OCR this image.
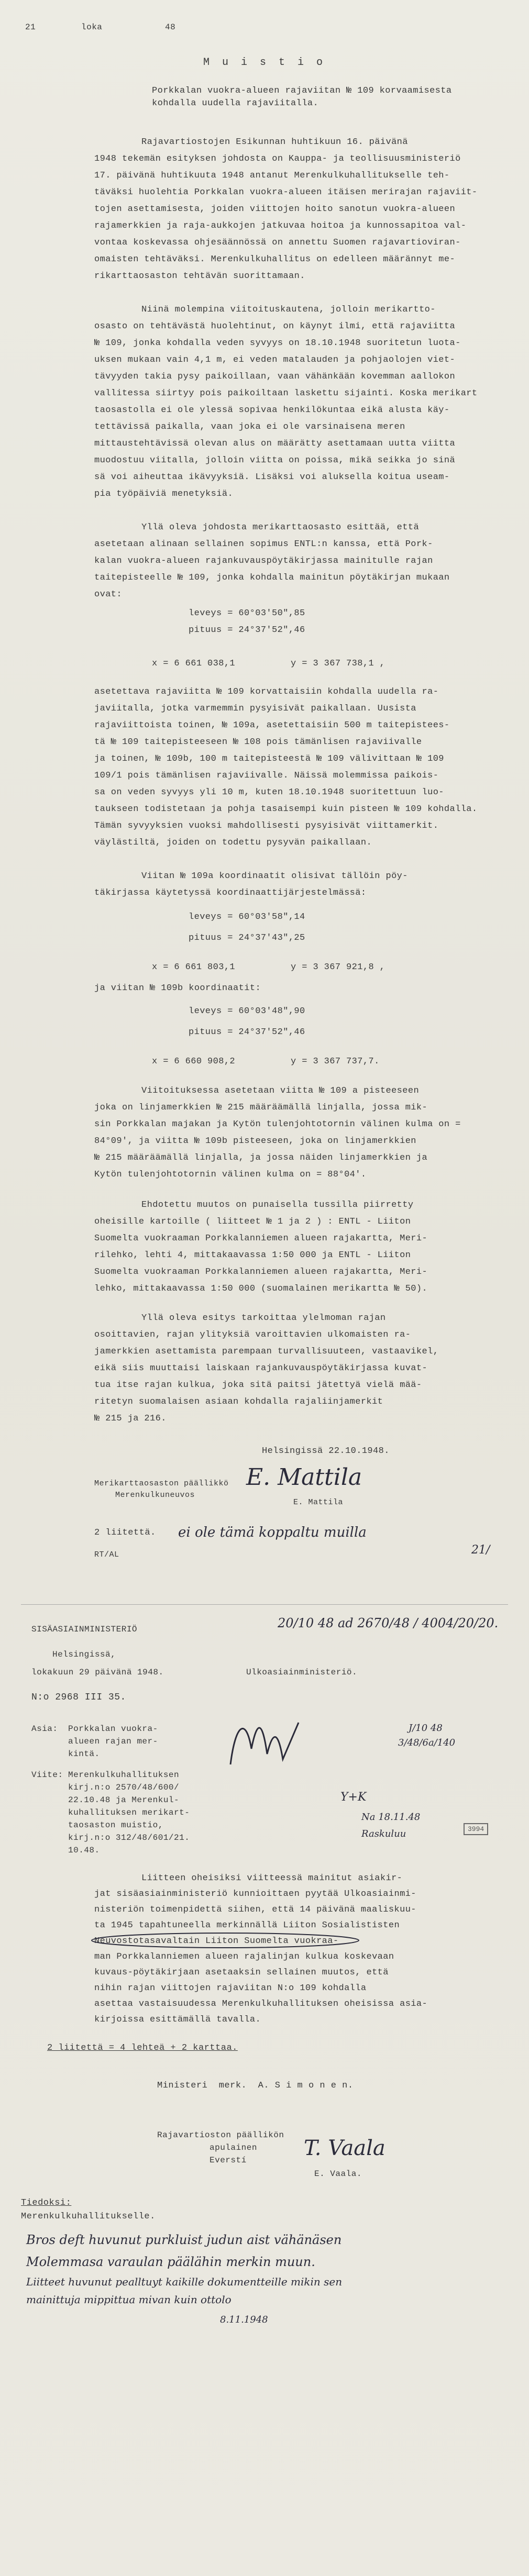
21	loka	48
M u i s t i o
Porkkalan vuokra-alueen rajaviitan № 109 korvaamisesta
kohdalla uudella rajaviitalla.
Rajavartiostojen Esikunnan huhtikuun 16. päivänä
1948 tekemän esityksen johdosta on Kauppa- ja teollisuusministeriö
17. päivänä huhtikuuta 1948 antanut Merenkulkuhallitukselle teh-
täväksi huolehtia Porkkalan vuokra-alueen itäisen merirajan rajaviit-
tojen asettamisesta, joiden viittojen hoito sanotun vuokra-alueen
rajamerkkien ja raja-aukkojen jatkuvaa hoitoa ja kunnossapitoa val-
vontaa koskevassa ohjesäännössä on annettu Suomen rajavartioviran-
omaisten tehtäväksi. Merenkulkuhallitus on edelleen määrännyt me-
rikarttaosaston tehtävän suorittamaan.
Niinä molempina viitoituskautena, jolloin merikartto-
osasto on tehtävästä huolehtinut, on käynyt ilmi, että rajaviitta
№ 109, jonka kohdalla veden syvyys on 18.10.1948 suoritetun luota-
uksen mukaan vain 4,1 m, ei veden matalauden ja pohjaolojen viet-
tävyyden takia pysy paikoillaan, vaan vähänkään kovemman aallokon
vallitessa siirtyy pois paikoiltaan laskettu sijainti. Koska merikart
taosastolla ei ole ylessä sopivaa henkilökuntaa eikä alusta käy-
tettävissä paikalla, vaan joka ei ole varsinaisena meren
mittaustehtävissä olevan alus on määrätty asettamaan uutta viitta
muodostuu viitalla, jolloin viitta on poissa, mikä seikka jo sinä
sä voi aiheuttaa ikävyyksiä. Lisäksi voi aluksella koitua useam-
pia työpäiviä menetyksiä.
Yllä oleva johdosta merikarttaosasto esittää, että
asetetaan alinaan sellainen sopimus ENTL:n kanssa, että Pork-
kalan vuokra-alueen rajankuvauspöytäkirjassa mainitulle rajan
taitepisteelle № 109, jonka kohdalla mainitun pöytäkirjan mukaan
ovat:
leveys = 60°03'50",85
pituus = 24°37'52",46
x = 6 661 038,1          y = 3 367 738,1 ,
asetettava rajaviitta № 109 korvattaisiin kohdalla uudella ra-
javiitalla, jotka varmemmin pysyisivät paikallaan. Uusista
rajaviittoista toinen, № 109a, asetettaisiin 500 m taitepistees-
tä № 109 taitepisteeseen № 108 pois tämänlisen rajaviivalle
ja toinen, № 109b, 100 m taitepisteestä № 109 välivittaan № 109
109/1 pois tämänlisen rajaviivalle. Näissä molemmissa paikois-
sa on veden syvyys yli 10 m, kuten 18.10.1948 suoritettuun luo-
taukseen todistetaan ja pohja tasaisempi kuin pisteen № 109 kohdalla.
Tämän syvyyksien vuoksi mahdollisesti pysyisivät viittamerkit.
väylästiltä, joiden on todettu pysyvän paikallaan.
Viitan № 109a koordinaatit olisivat tällöin pöy-
täkirjassa käytetyssä koordinaattijärjestelmässä:
leveys = 60°03'58",14
pituus = 24°37'43",25
x = 6 661 803,1          y = 3 367 921,8 ,
ja viitan № 109b koordinaatit:
leveys = 60°03'48",90
pituus = 24°37'52",46
x = 6 660 908,2          y = 3 367 737,7.
Viitoituksessa asetetaan viitta № 109 a pisteeseen
joka on linjamerkkien № 215 määräämällä linjalla, jossa mik-
sin Porkkalan majakan ja Kytön tulenjohtotornin välinen kulma on =
84°09', ja viitta № 109b pisteeseen, joka on linjamerkkien
№ 215 määräämällä linjalla, ja jossa näiden linjamerkkien ja
Kytön tulenjohtotornin välinen kulma on = 88°04'.
Ehdotettu muutos on punaisella tussilla piirretty
oheisille kartoille ( liitteet № 1 ja 2 ) : ENTL - Liiton
Suomelta vuokraaman Porkkalanniemen alueen rajakartta, Meri-
rilehko, lehti 4, mittakaavassa 1:50 000 ja ENTL - Liiton
Suomelta vuokraaman Porkkalanniemen alueen rajakartta, Meri-
lehko, mittakaavassa 1:50 000 (suomalainen merikartta № 50).
Yllä oleva esitys tarkoittaa ylelmoman rajan
osoittavien, rajan ylityksiä varoittavien ulkomaisten ra-
jamerkkien asettamista parempaan turvallisuuteen, vastaavikel,
eikä siis muuttaisi laiskaan rajankuvauspöytäkirjassa kuvat-
tua itse rajan kulkua, joka sitä paitsi jätettyä vielä mää-
ritetyn suomalaisen asiaan kohdalla rajaliinjamerkit
№ 215 ja 216.
Helsingissä 22.10.1948.
Merikarttaosaston päällikkö
Merenkulkuneuvos
E. Mattila
E. Mattila
2 liitettä.
RT/AL
ei ole tämä koppaltu muilla
21/
SISÄASIAINMINISTERIÖ	20/10 48 ad 2670/48 / 4004/20/20.
Helsingissä,
lokakuun 29 päivänä 1948.	Ulkoasiainministeriö.
N:o 2968 III 35.
Asia: Porkkalan vuokra-
alueen rajan mer-
kintä.
Viite: Merenkulkuhallituksen
kirj.n:o 2570/48/600/
22.10.48 ja Merenkul-
kuhallituksen merikart-
taosaston muistio,
kirj.n:o 312/48/601/21.
10.48.
J/10 48
3/48/6a/140
Y+K
Na 18.11.48
Raskuluu	3994
Liitteen oheisiksi viitteessä mainitut asiakir-
jat sisäasiainministeriö kunnioittaen pyytää Ulkoasiainmi-
nisteriön toimenpidettä siihen, että 14 päivänä maaliskuu-
ta 1945 tapahtuneella merkinnällä Liiton Sosialististen
Neuvostotasavaltain Liiton Suomelta vuokraa-
man Porkkalanniemen alueen rajalinjan kulkua koskevaan
kuvaus-pöytäkirjaan asetaaksin sellainen muutos, että
nihin rajan viittojen rajaviitan N:o 109 kohdalla
asettaa vastaisuudessa Merenkulkuhallituksen oheisissa asia-
kirjoissa esittämällä tavalla.
2 liitettä = 4 lehteä + 2 karttaa.
Ministeri  merk.  A. S i m o n e n.
Rajavartioston päällikön
apulainen
Everstí	T. Vaala
E. Vaala.
Tiedoksi:
Merenkulkuhallitukselle.
Bros deft huvunut purkluist judun aist vähänäsen
Molemmasa varaulan päälähin merkin muun.
Liitteet huvunut pealltuyt kaikille dokumentteille mikin sen
mainittuja mippittua mivan kuin ottolo
8.11.1948
